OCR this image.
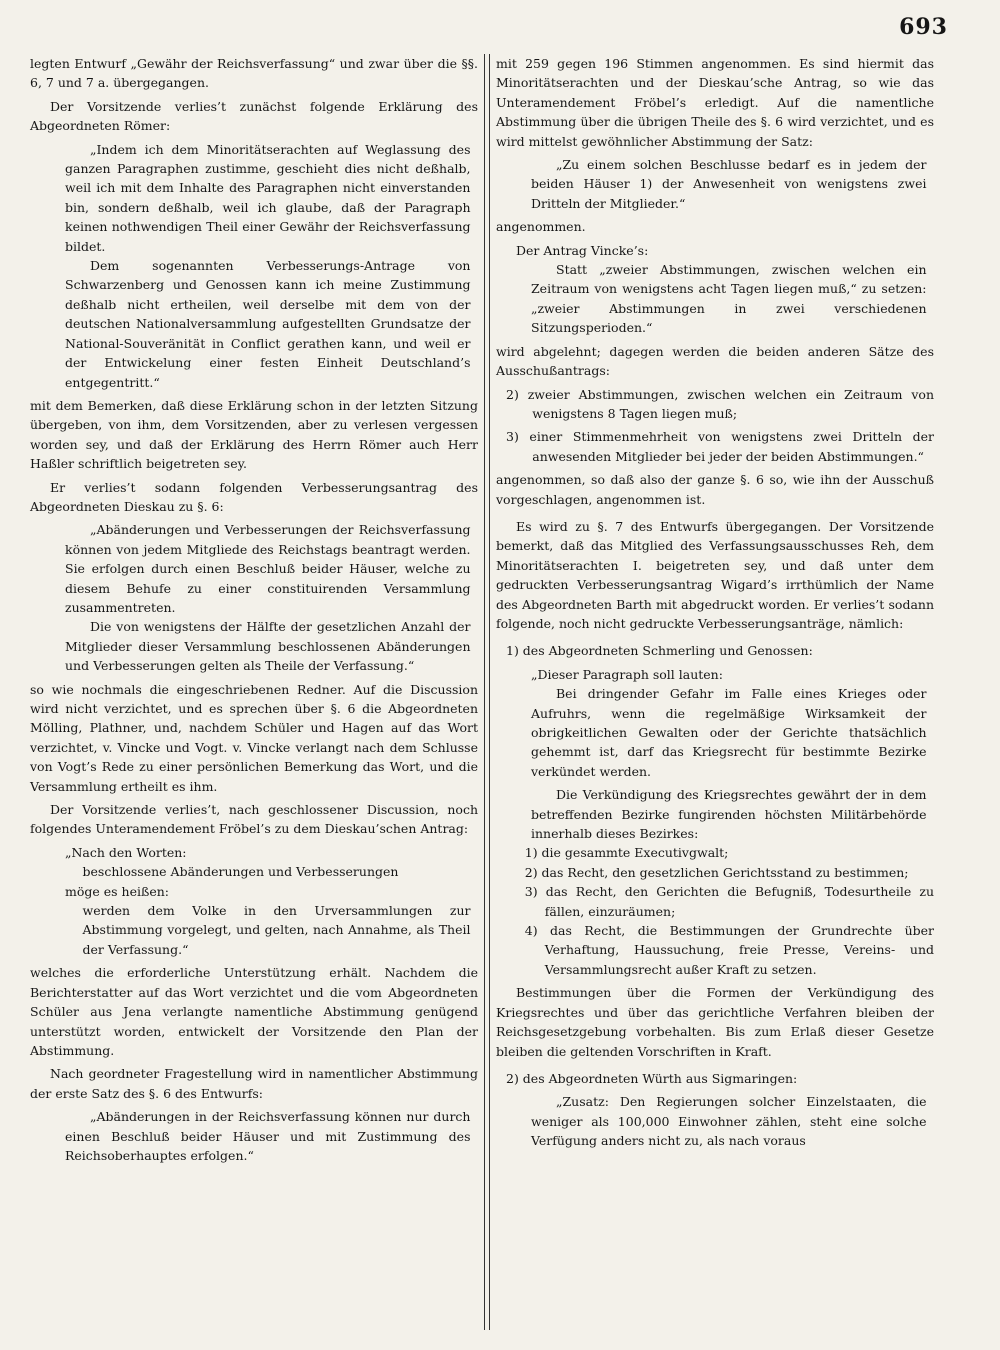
693

legten Entwurf „Gewähr der Reichsverfassung“ und zwar über die §§. 6, 7 und 7 a. übergegangen.

Der Vorsitzende verlies’t zunächst folgende Erklärung des Abgeordneten Römer:

„Indem ich dem Minoritätserachten auf Weglassung des ganzen Paragraphen zustimme, geschieht dies nicht deßhalb, weil ich mit dem Inhalte des Paragraphen nicht einverstanden bin, sondern deßhalb, weil ich glaube, daß der Paragraph keinen nothwendigen Theil einer Gewähr der Reichsverfassung bildet.

Dem sogenannten Verbesserungs-Antrage von Schwarzenberg und Genossen kann ich meine Zustimmung deßhalb nicht ertheilen, weil derselbe mit dem von der deutschen Nationalversammlung aufgestellten Grundsatze der National-Souveränität in Conflict gerathen kann, und weil er der Entwickelung einer festen Einheit Deutschland’s entgegentritt.“

mit dem Bemerken, daß diese Erklärung schon in der letzten Sitzung übergeben, von ihm, dem Vorsitzenden, aber zu verlesen vergessen worden sey, und daß der Erklärung des Herrn Römer auch Herr Haßler schriftlich beigetreten sey.

Er verlies’t sodann folgenden Verbesserungsantrag des Abgeordneten Dieskau zu §. 6:

„Abänderungen und Verbesserungen der Reichsverfassung können von jedem Mitgliede des Reichstags beantragt werden. Sie erfolgen durch einen Beschluß beider Häuser, welche zu diesem Behufe zu einer constituirenden Versammlung zusammentreten.

Die von wenigstens der Hälfte der gesetzlichen Anzahl der Mitglieder dieser Versammlung beschlossenen Abänderungen und Verbesserungen gelten als Theile der Verfassung.“

so wie nochmals die eingeschriebenen Redner. Auf die Discussion wird nicht verzichtet, und es sprechen über §. 6 die Abgeordneten Mölling, Plathner, und, nachdem Schüler und Hagen auf das Wort verzichtet, v. Vincke und Vogt. v. Vincke verlangt nach dem Schlusse von Vogt’s Rede zu einer persönlichen Bemerkung das Wort, und die Versammlung ertheilt es ihm.

Der Vorsitzende verlies’t, nach geschlossener Discussion, noch folgendes Unteramendement Fröbel’s zu dem Dieskau’schen Antrag:

„Nach den Worten:

beschlossene Abänderungen und Verbesserungen

möge es heißen:

werden dem Volke in den Urversammlungen zur Abstimmung vorgelegt, und gelten, nach Annahme, als Theil der Verfassung.“

welches die erforderliche Unterstützung erhält. Nachdem die Berichterstatter auf das Wort verzichtet und die vom Abgeordneten Schüler aus Jena verlangte namentliche Abstimmung genügend unterstützt worden, entwickelt der Vorsitzende den Plan der Abstimmung.

Nach geordneter Fragestellung wird in namentlicher Abstimmung der erste Satz des §. 6 des Entwurfs:

„Abänderungen in der Reichsverfassung können nur durch einen Beschluß beider Häuser und mit Zustimmung des Reichsoberhauptes erfolgen.“

mit 259 gegen 196 Stimmen angenommen. Es sind hiermit das Minoritätserachten und der Dieskau’sche Antrag, so wie das Unteramendement Fröbel’s erledigt. Auf die namentliche Abstimmung über die übrigen Theile des §. 6 wird verzichtet, und es wird mittelst gewöhnlicher Abstimmung der Satz:

„Zu einem solchen Beschlusse bedarf es in jedem der beiden Häuser 1) der Anwesenheit von wenigstens zwei Dritteln der Mitglieder.“

angenommen.

Der Antrag Vincke’s:

Statt „zweier Abstimmungen, zwischen welchen ein Zeitraum von wenigstens acht Tagen liegen muß,“ zu setzen: „zweier Abstimmungen in zwei verschiedenen Sitzungsperioden.“

wird abgelehnt; dagegen werden die beiden anderen Sätze des Ausschußantrags:

2) zweier Abstimmungen, zwischen welchen ein Zeitraum von wenigstens 8 Tagen liegen muß;

3) einer Stimmenmehrheit von wenigstens zwei Dritteln der anwesenden Mitglieder bei jeder der beiden Abstimmungen.“

angenommen, so daß also der ganze §. 6 so, wie ihn der Ausschuß vorgeschlagen, angenommen ist.

Es wird zu §. 7 des Entwurfs übergegangen. Der Vorsitzende bemerkt, daß das Mitglied des Verfassungsausschusses Reh, dem Minoritätserachten I. beigetreten sey, und daß unter dem gedruckten Verbesserungsantrag Wigard’s irrthümlich der Name des Abgeordneten Barth mit abgedruckt worden. Er verlies’t sodann folgende, noch nicht gedruckte Verbesserungsanträge, nämlich:

1) des Abgeordneten Schmerling und Genossen:

„Dieser Paragraph soll lauten:

Bei dringender Gefahr im Falle eines Krieges oder Aufruhrs, wenn die regelmäßige Wirksamkeit der obrigkeitlichen Gewalten oder der Gerichte thatsächlich gehemmt ist, darf das Kriegsrecht für bestimmte Bezirke verkündet werden.

Die Verkündigung des Kriegsrechtes gewährt der in dem betreffenden Bezirke fungirenden höchsten Militärbehörde innerhalb dieses Bezirkes:

1) die gesammte Executivgwalt;

2) das Recht, den gesetzlichen Gerichtsstand zu bestimmen;

3) das Recht, den Gerichten die Befugniß, Todesurtheile zu fällen, einzuräumen;

4) das Recht, die Bestimmungen der Grundrechte über Verhaftung, Haussuchung, freie Presse, Vereins- und Versammlungsrecht außer Kraft zu setzen.

Bestimmungen über die Formen der Verkündigung des Kriegsrechtes und über das gerichtliche Verfahren bleiben der Reichsgesetzgebung vorbehalten. Bis zum Erlaß dieser Gesetze bleiben die geltenden Vorschriften in Kraft.

2) des Abgeordneten Würth aus Sigmaringen:

„Zusatz: Den Regierungen solcher Einzelstaaten, die weniger als 100,000 Einwohner zählen, steht eine solche Verfügung anders nicht zu, als nach voraus
